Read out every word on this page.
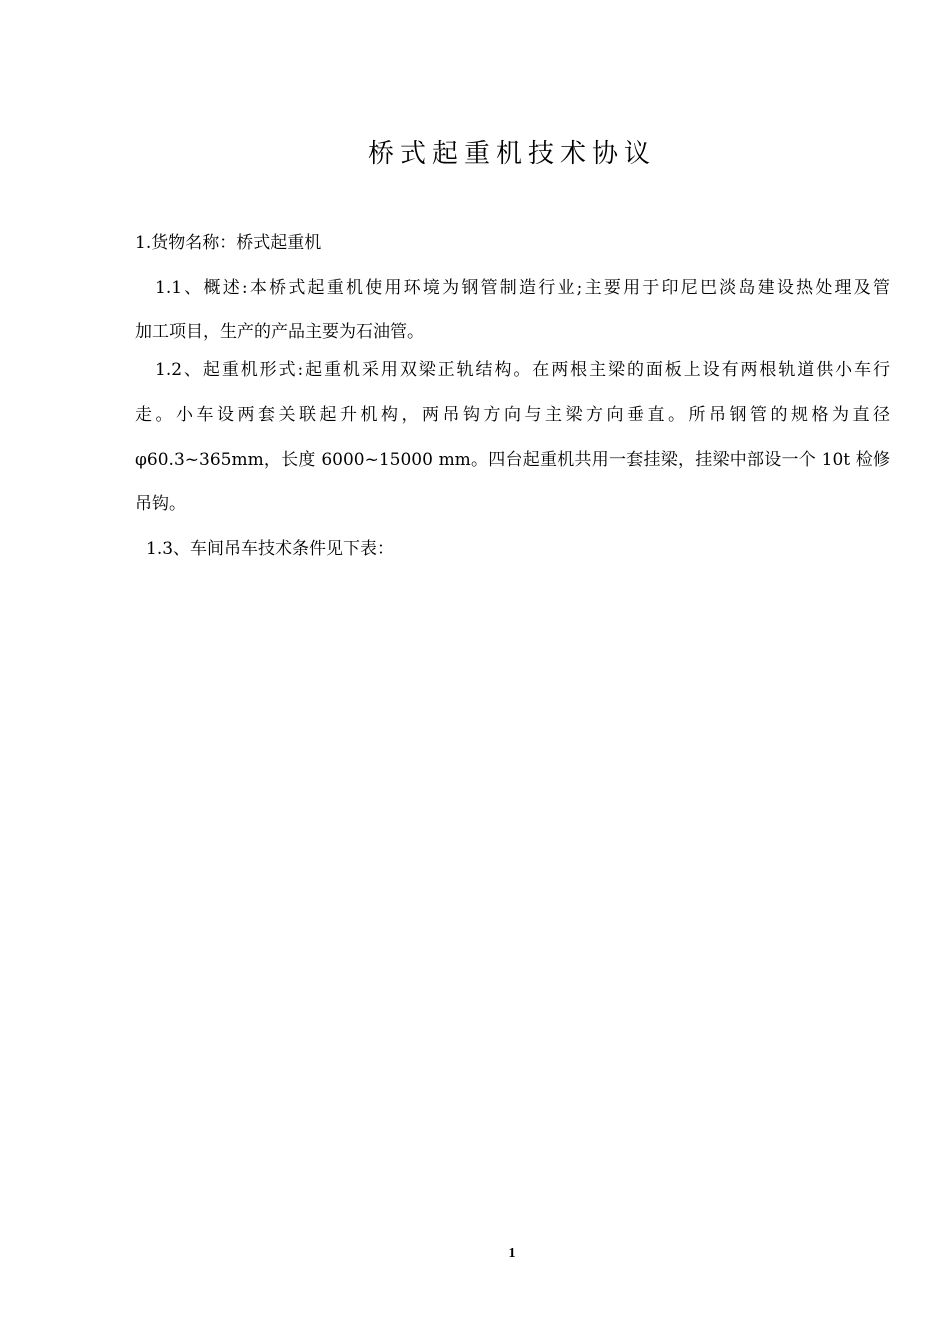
桥式起重机技术协议
1.货物名称：桥式起重机
1.1、概述:本桥式起重机使用环境为钢管制造行业;主要用于印尼巴淡岛建设热处理及管
加工项目，生产的产品主要为石油管。
1.2、起重机形式:起重机采用双梁正轨结构。在两根主梁的面板上设有两根轨道供小车行
走。小车设两套关联起升机构，两吊钩方向与主梁方向垂直。所吊钢管的规格为直径
φ60.3~365mm，长度 6000~15000 mm。四台起重机共用一套挂梁，挂梁中部设一个 10t 检修
吊钩。
1.3、车间吊车技术条件见下表：
1
